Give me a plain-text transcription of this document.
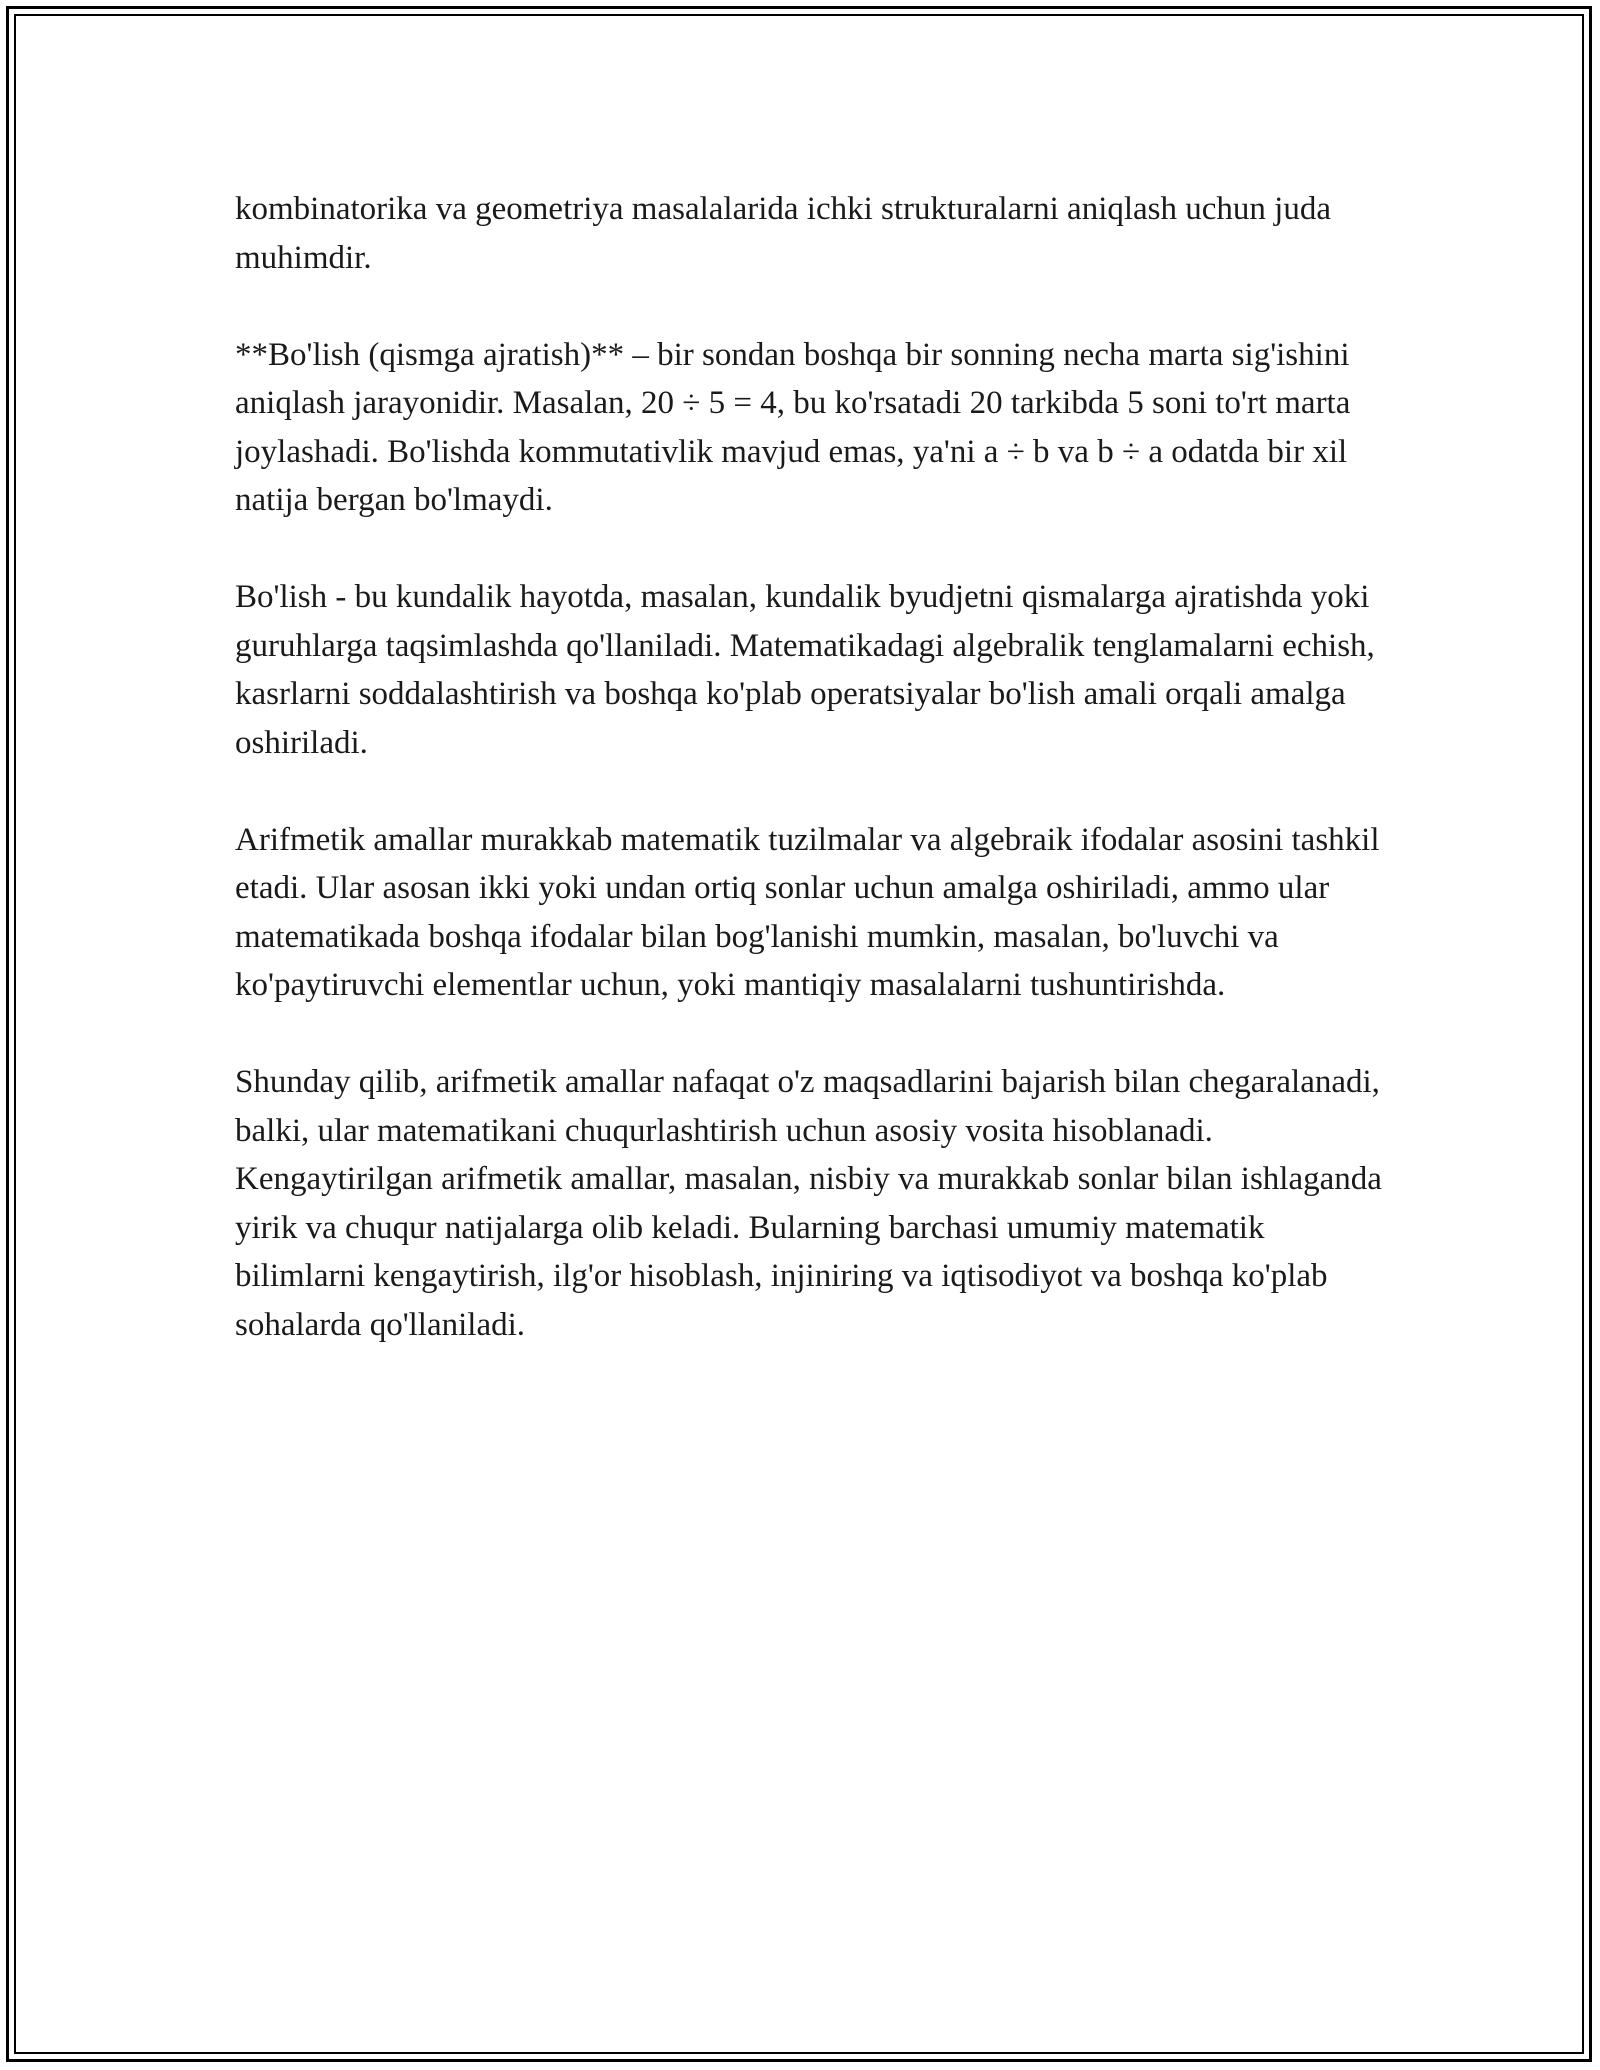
kombinatorika va geometriya masalalarida ichki strukturalarni aniqlash uchun juda muhimdir.

**Bo'lish (qismga ajratish)** – bir sondan boshqa bir sonning necha marta sig'ishini aniqlash jarayonidir. Masalan, 20 ÷ 5 = 4, bu ko'rsatadi 20 tarkibda 5 soni to'rt marta joylashadi. Bo'lishda kommutativlik mavjud emas, ya'ni a ÷ b va b ÷ a odatda bir xil natija bergan bo'lmaydi.

Bo'lish - bu kundalik hayotda, masalan, kundalik byudjetni qismalarga ajratishda yoki guruhlarga taqsimlashda qo'llaniladi. Matematikadagi algebralik tenglamalarni echish, kasrlarni soddalashtirish va boshqa ko'plab operatsiyalar bo'lish amali orqali amalga oshiriladi.

Arifmetik amallar murakkab matematik tuzilmalar va algebraik ifodalar asosini tashkil etadi. Ular asosan ikki yoki undan ortiq sonlar uchun amalga oshiriladi, ammo ular matematikada boshqa ifodalar bilan bog'lanishi mumkin, masalan, bo'luvchi va ko'paytiruvchi elementlar uchun, yoki mantiqiy masalalarni tushuntirishda.

Shunday qilib, arifmetik amallar nafaqat o'z maqsadlarini bajarish bilan chegaralanadi, balki, ular matematikani chuqurlashtirish uchun asosiy vosita hisoblanadi. Kengaytirilgan arifmetik amallar, masalan, nisbiy va murakkab sonlar bilan ishlaganda yirik va chuqur natijalarga olib keladi. Bularning barchasi umumiy matematik bilimlarni kengaytirish, ilg'or hisoblash, injiniring va iqtisodiyot va boshqa ko'plab sohalarda qo'llaniladi.
